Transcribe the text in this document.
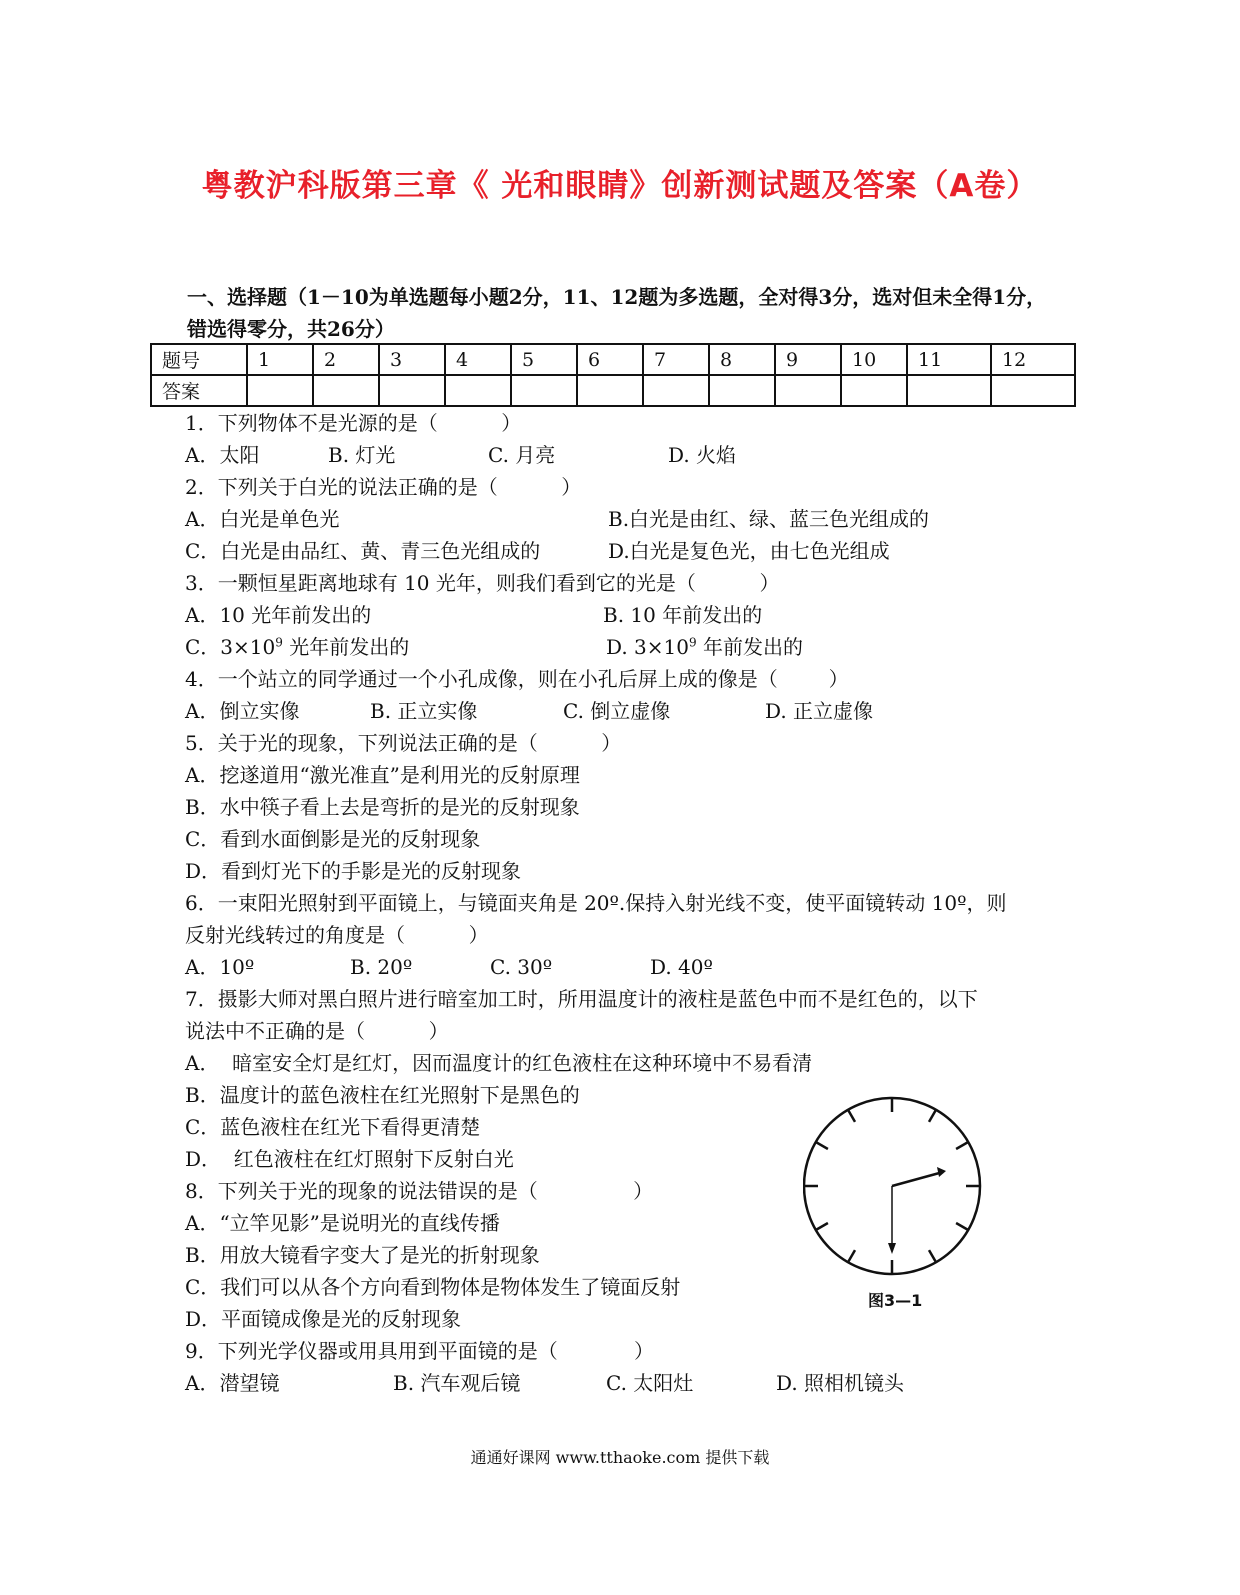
粤教沪科版第三章《 光和眼睛》创新测试题及答案（A卷）
一、选择题（1－10为单选题每小题2分，11、12题为多选题，全对得3分，选对但未全得1分，错选得零分，共26分）
题号	1	2	3	4	5	6	7	8	9	10	11	12
答案												
1．下列物体不是光源的是（          ）
A．太阳	B. 灯光	C. 月亮	D. 火焰
2．下列关于白光的说法正确的是（          ）
A．白光是单色光	B.白光是由红、绿、蓝三色光组成的
C．白光是由品红、黄、青三色光组成的	D.白光是复色光，由七色光组成
3．一颗恒星距离地球有 10 光年，则我们看到它的光是（          ）
A．10 光年前发出的	B. 10 年前发出的
C．$3\times 10^9$ 光年前发出的	D. $3\times 10^9$ 年前发出的
4．一个站立的同学通过一个小孔成像，则在小孔后屏上成的像是（        ）
A．倒立实像	B. 正立实像	C. 倒立虚像	D. 正立虚像
5．关于光的现象，下列说法正确的是（          ）
A．挖遂道用“激光准直”是利用光的反射原理
B．水中筷子看上去是弯折的是光的反射现象
C．看到水面倒影是光的反射现象
D．看到灯光下的手影是光的反射现象
6．一束阳光照射到平面镜上，与镜面夹角是 20º.保持入射光线不变，使平面镜转动 10º，则
反射光线转过的角度是（          ）
A．10º	B. 20º	C. 30º	D. 40º
7．摄影大师对黑白照片进行暗室加工时，所用温度计的液柱是蓝色中而不是红色的，以下
说法中不正确的是（          ）
A．  暗室安全灯是红灯，因而温度计的红色液柱在这种环境中不易看清
B．温度计的蓝色液柱在红光照射下是黑色的
C．蓝色液柱在红光下看得更清楚
D．  红色液柱在红灯照射下反射白光
8．下列关于光的现象的说法错误的是（               ）
A．“立竿见影”是说明光的直线传播
B．用放大镜看字变大了是光的折射现象
C．我们可以从各个方向看到物体是物体发生了镜面反射
D．平面镜成像是光的反射现象
9．下列光学仪器或用具用到平面镜的是（            ）
A．潜望镜	B. 汽车观后镜	C. 太阳灶	D. 照相机镜头
图3—1
通通好课网 www.tthaoke.com 提供下载
